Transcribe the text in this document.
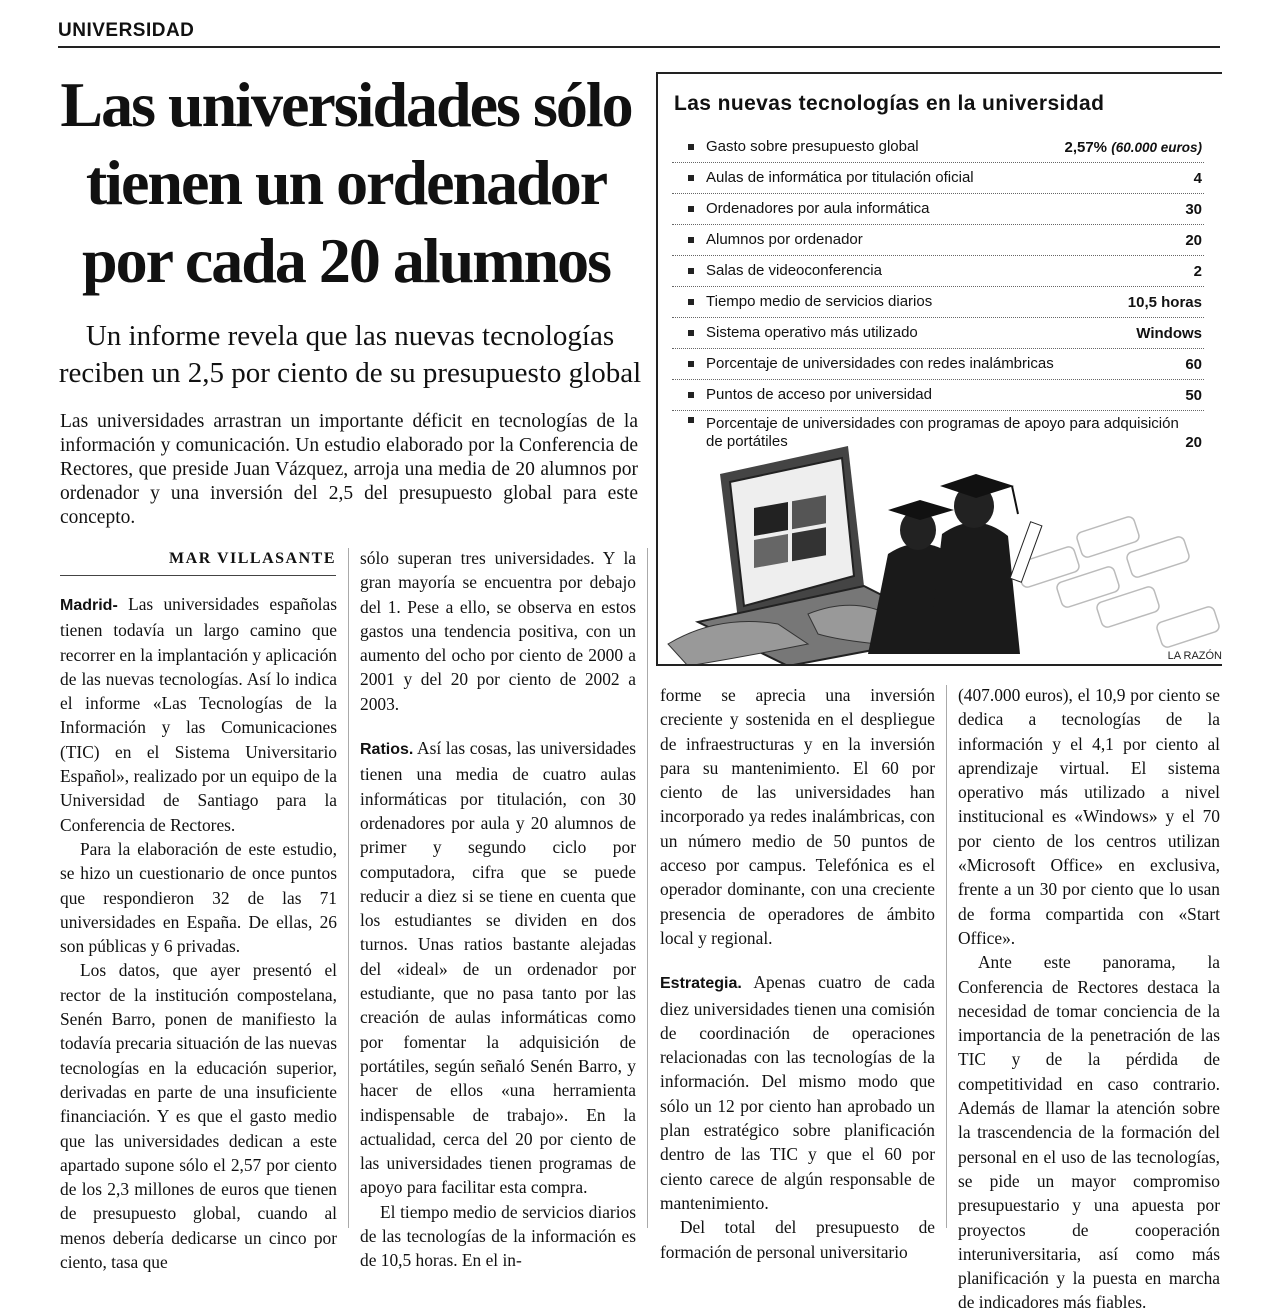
UNIVERSIDAD
Las universidades sólo tienen un ordenador por cada 20 alumnos
Un informe revela que las nuevas tecnologías reciben un 2,5 por ciento de su presupuesto global
Las universidades arrastran un importante déficit en tecnologías de la información y comunicación. Un estudio elaborado por la Conferencia de Rectores, que preside Juan Vázquez, arroja una media de 20 alumnos por ordenador y una inversión del 2,5 del presupuesto global para este concepto.
MAR VILLASANTE

Madrid- Las universidades españolas tienen todavía un largo camino que recorrer en la implantación y aplicación de las nuevas tecnologías. Así lo indica el informe «Las Tecnologías de la Información y las Comunicaciones (TIC) en el Sistema Universitario Español», realizado por un equipo de la Universidad de Santiago para la Conferencia de Rectores.

Para la elaboración de este estudio, se hizo un cuestionario de once puntos que respondieron 32 de las 71 universidades en España. De ellas, 26 son públicas y 6 privadas.

Los datos, que ayer presentó el rector de la institución compostelana, Senén Barro, ponen de manifiesto la todavía precaria situación de las nuevas tecnologías en la educación superior, derivadas en parte de una insuficiente financiación. Y es que el gasto medio que las universidades dedican a este apartado supone sólo el 2,57 por ciento de los 2,3 millones de euros que tienen de presupuesto global, cuando al menos debería dedicarse un cinco por ciento, tasa que

sólo superan tres universidades. Y la gran mayoría se encuentra por debajo del 1. Pese a ello, se observa en estos gastos una tendencia positiva, con un aumento del ocho por ciento de 2000 a 2001 y del 20 por ciento de 2002 a 2003.

Ratios. Así las cosas, las universidades tienen una media de cuatro aulas informáticas por titulación, con 30 ordenadores por aula y 20 alumnos de primer y segundo ciclo por computadora, cifra que se puede reducir a diez si se tiene en cuenta que los estudiantes se dividen en dos turnos. Unas ratios bastante alejadas del «ideal» de un ordenador por estudiante, que no pasa tanto por las creación de aulas informáticas como por fomentar la adquisición de portátiles, según señaló Senén Barro, y hacer de ellos «una herramienta indispensable de trabajo». En la actualidad, cerca del 20 por ciento de las universidades tienen programas de apoyo para facilitar esta compra.

El tiempo medio de servicios diarios de las tecnologías de la información es de 10,5 horas. En el in-

forme se aprecia una inversión creciente y sostenida en el despliegue de infraestructuras y en la inversión para su mantenimiento. El 60 por ciento de las universidades han incorporado ya redes inalámbricas, con un número medio de 50 puntos de acceso por campus. Telefónica es el operador dominante, con una creciente presencia de operadores de ámbito local y regional.

Estrategia. Apenas cuatro de cada diez universidades tienen una comisión de coordinación de operaciones relacionadas con las tecnologías de la información. Del mismo modo que sólo un 12 por ciento han aprobado un plan estratégico sobre planificación dentro de las TIC y que el 60 por ciento carece de algún responsable de mantenimiento.

Del total del presupuesto de formación de personal universitario

(407.000 euros), el 10,9 por ciento se dedica a tecnologías de la información y el 4,1 por ciento al aprendizaje virtual. El sistema operativo más utilizado a nivel institucional es «Windows» y el 70 por ciento de los centros utilizan «Microsoft Office» en exclusiva, frente a un 30 por ciento que lo usan de forma compartida con «Start Office».

Ante este panorama, la Conferencia de Rectores destaca la necesidad de tomar conciencia de la importancia de la penetración de las TIC y de la pérdida de competitividad en caso contrario. Además de llamar la atención sobre la trascendencia de la formación del personal en el uso de las tecnologías, se pide un mayor compromiso presupuestario y una apuesta por proyectos de cooperación interuniversitaria, así como más planificación y la puesta en marcha de indicadores más fiables.

Las nuevas tecnologías en la universidad
Gasto sobre presupuesto global	2,57% (60.000 euros)
Aulas de informática por titulación oficial	4
Ordenadores por aula informática	30
Alumnos por ordenador	20
Salas de videoconferencia	2
Tiempo medio de servicios diarios	10,5 horas
Sistema operativo más utilizado	Windows
Porcentaje de universidades con redes inalámbricas	60
Puntos de acceso por universidad	50
Porcentaje de universidades con programas de apoyo para adquisición de portátiles	20
LA RAZÓN
